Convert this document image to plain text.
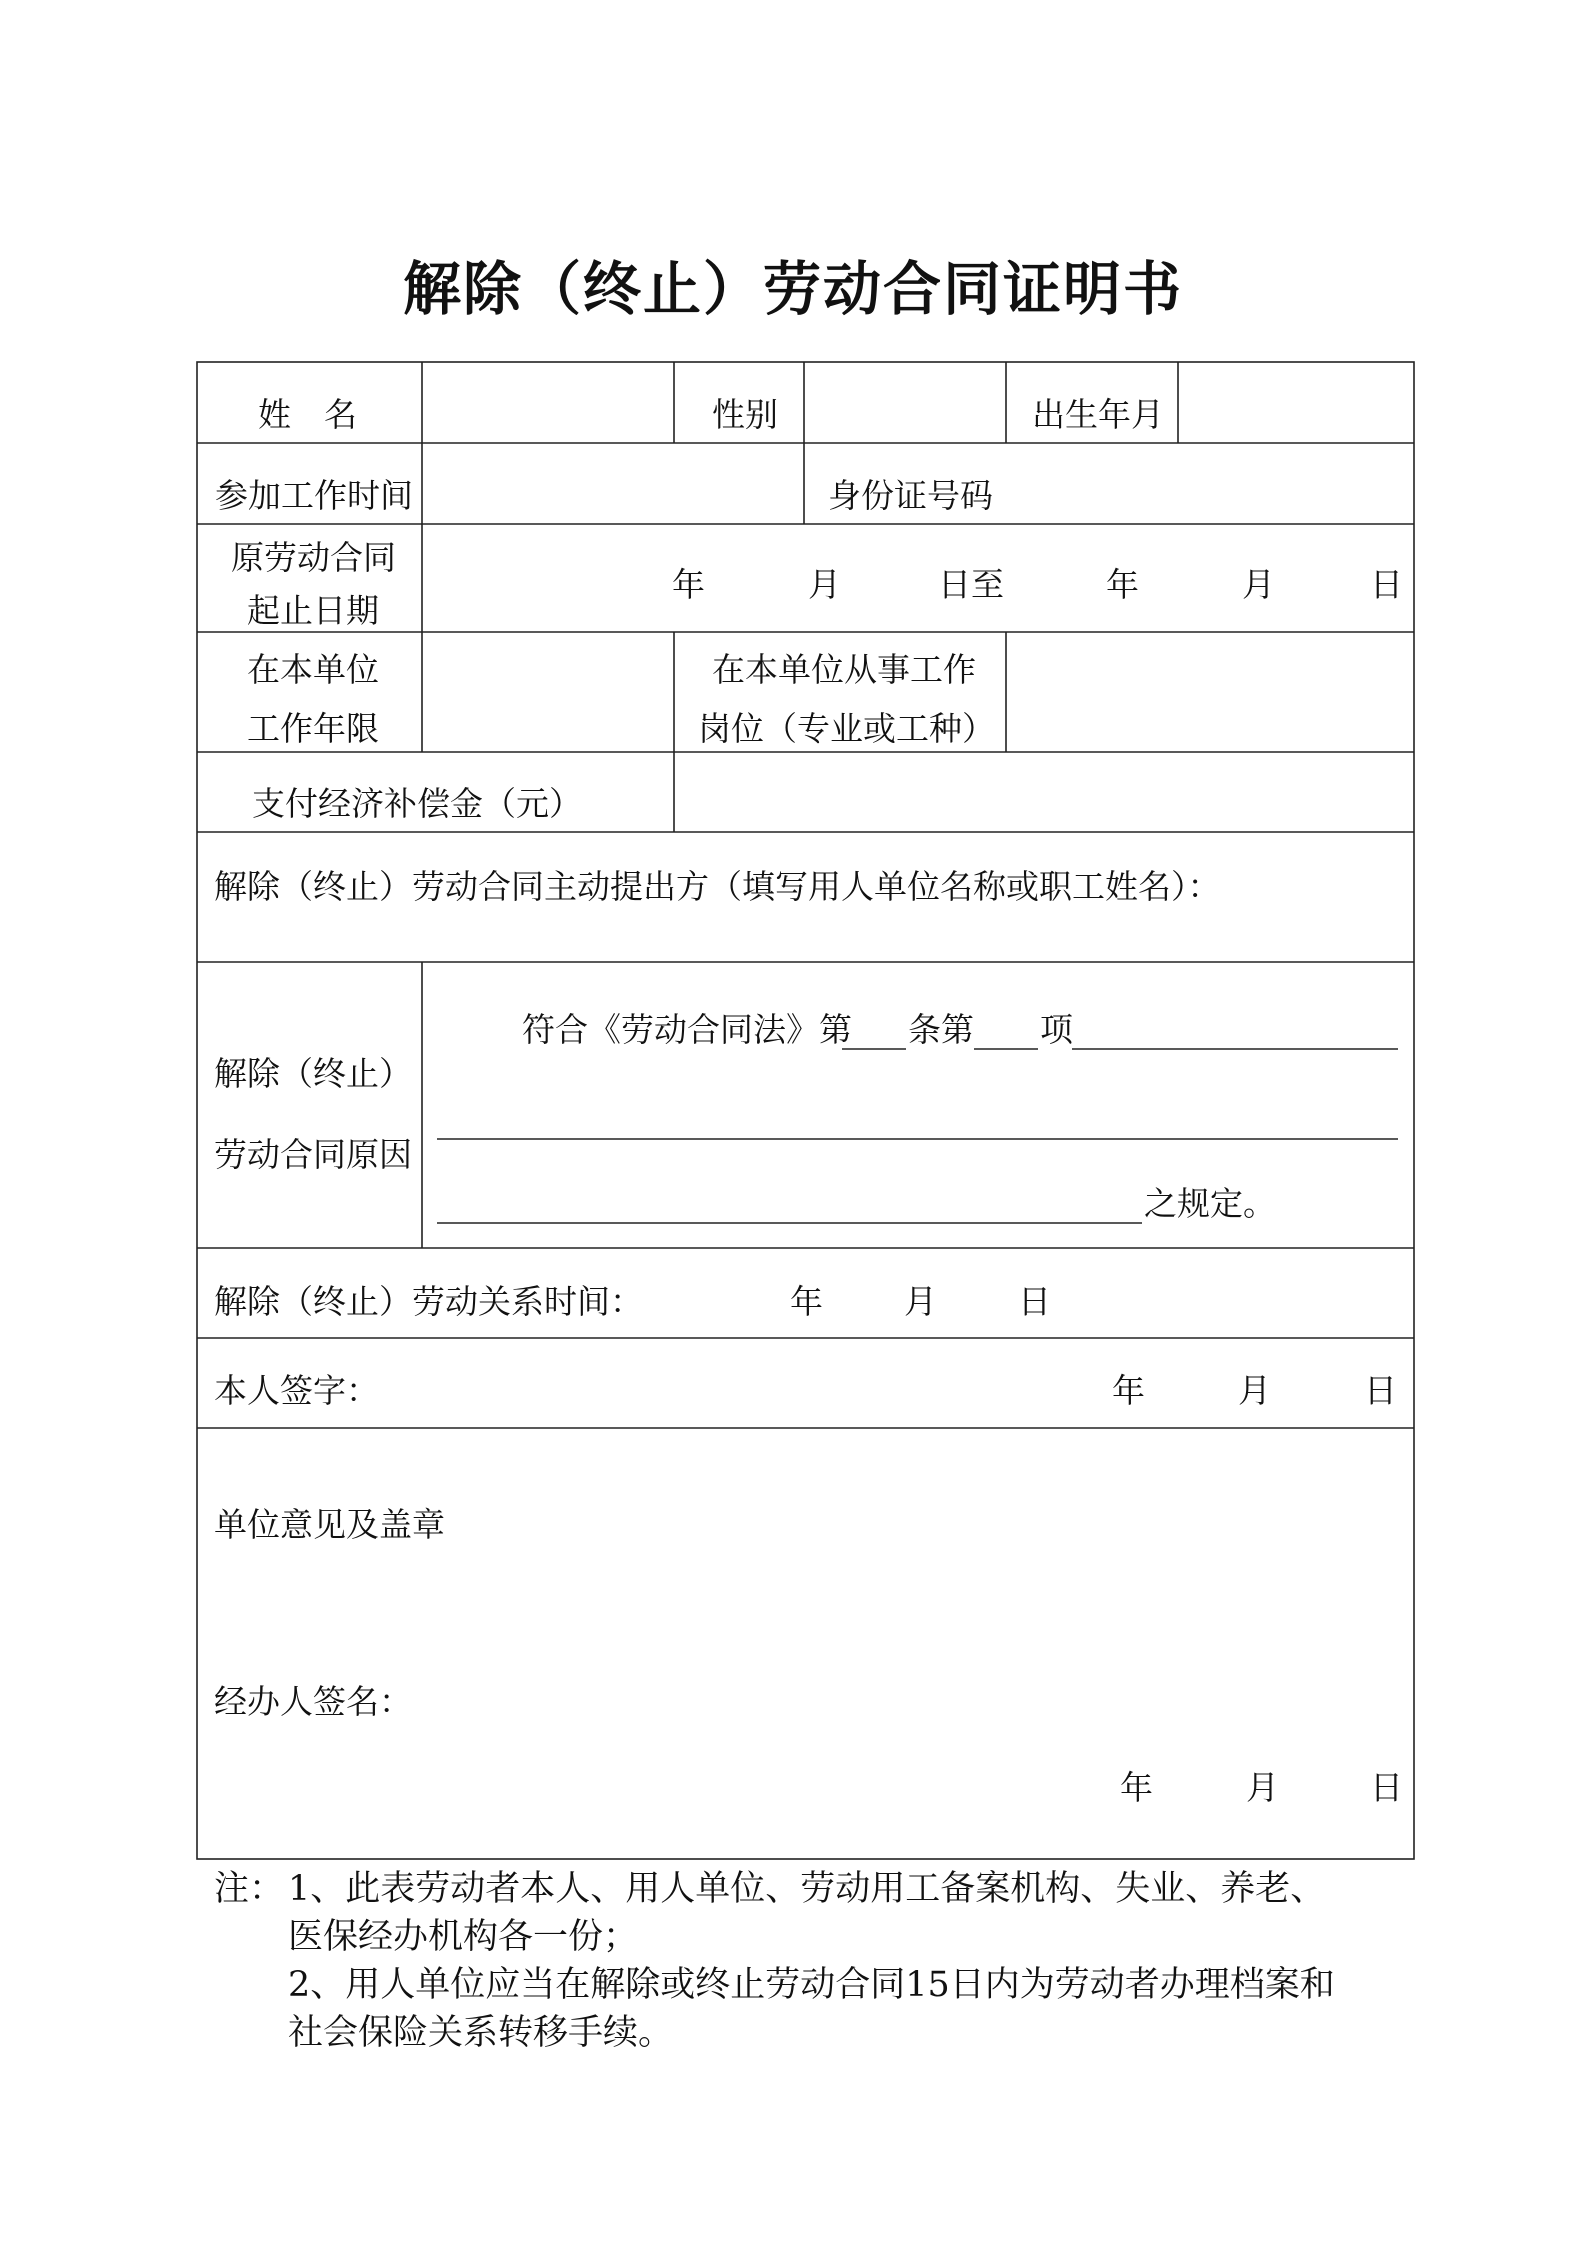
解除（终止）劳动合同证明书
姓　名	性别	出生年月
参加工作时间	身份证号码
原劳动合同
起止日期
年	月	日至	年	月	日
在本单位
工作年限
在本单位从事工作
岗位（专业或工种）
支付经济补偿金（元）
解除（终止）劳动合同主动提出方（填写用人单位名称或职工姓名）：
解除（终止）
劳动合同原因
符合《劳动合同法》第 条第 项
之规定。
解除（终止）劳动关系时间：	年 月 日
本人签字：	年	月	日
单位意见及盖章
经办人签名：
年	月	日
注： 1、此表劳动者本人、用人单位、劳动用工备案机构、失业、养老、
医保经办机构各一份；
2、用人单位应当在解除或终止劳动合同15日内为劳动者办理档案和
社会保险关系转移手续。
